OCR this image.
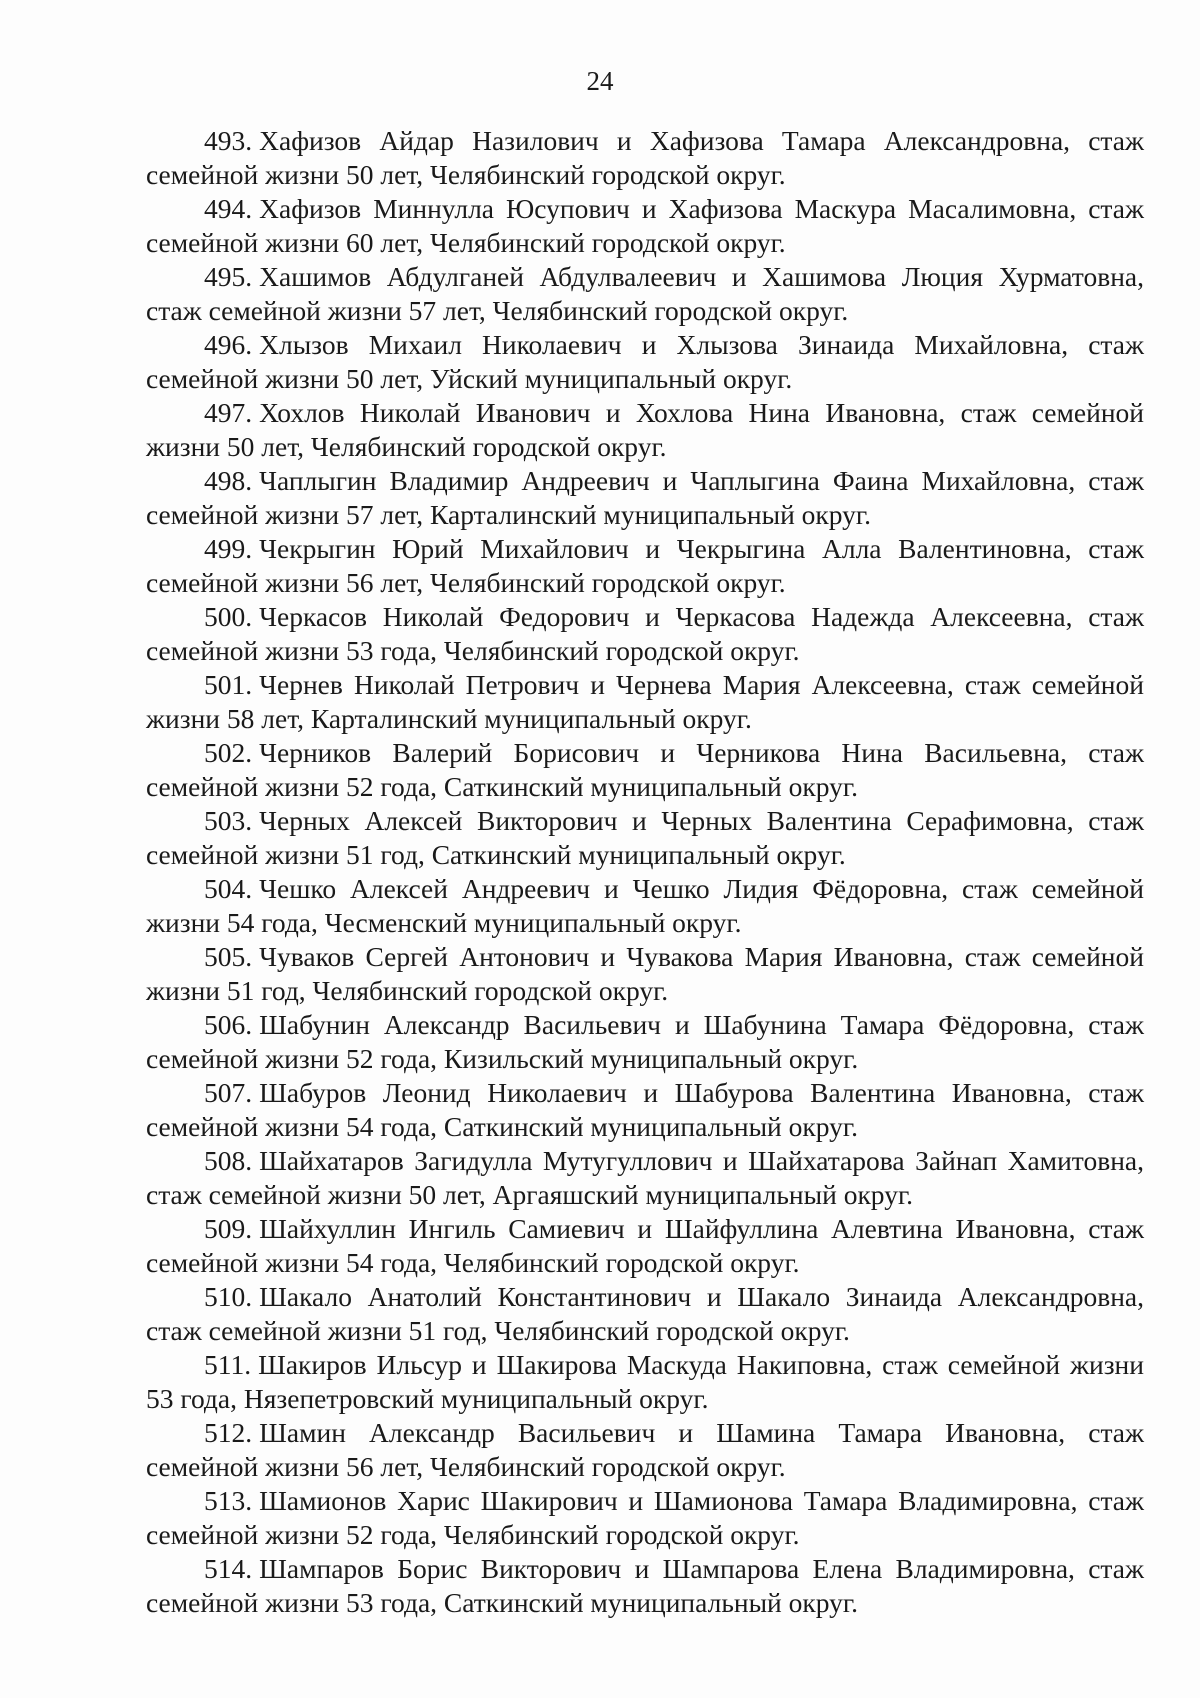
24

493. Хафизов Айдар Назилович и Хафизова Тамара Александровна, стаж семейной жизни 50 лет, Челябинский городской округ.

494. Хафизов Миннулла Юсупович и Хафизова Маскура Масалимовна, стаж семейной жизни 60 лет, Челябинский городской округ.

495. Хашимов Абдулганей Абдулвалеевич и Хашимова Люция Хурматовна, стаж семейной жизни 57 лет, Челябинский городской округ.

496. Хлызов Михаил Николаевич и Хлызова Зинаида Михайловна, стаж семейной жизни 50 лет, Уйский муниципальный округ.

497. Хохлов Николай Иванович и Хохлова Нина Ивановна, стаж семейной жизни 50 лет, Челябинский городской округ.

498. Чаплыгин Владимир Андреевич и Чаплыгина Фаина Михайловна, стаж семейной жизни 57 лет, Карталинский муниципальный округ.

499. Чекрыгин Юрий Михайлович и Чекрыгина Алла Валентиновна, стаж семейной жизни 56 лет, Челябинский городской округ.

500. Черкасов Николай Федорович и Черкасова Надежда Алексеевна, стаж семейной жизни 53 года, Челябинский городской округ.

501. Чернев Николай Петрович и Чернева Мария Алексеевна, стаж семейной жизни 58 лет, Карталинский муниципальный округ.

502. Черников Валерий Борисович и Черникова Нина Васильевна, стаж семейной жизни 52 года, Саткинский муниципальный округ.

503. Черных Алексей Викторович и Черных Валентина Серафимовна, стаж семейной жизни 51 год, Саткинский муниципальный округ.

504. Чешко Алексей Андреевич и Чешко Лидия Фёдоровна, стаж семейной жизни 54 года, Чесменский муниципальный округ.

505. Чуваков Сергей Антонович и Чувакова Мария Ивановна, стаж семейной жизни 51 год, Челябинский городской округ.

506. Шабунин Александр Васильевич и Шабунина Тамара Фёдоровна, стаж семейной жизни 52 года, Кизильский муниципальный округ.

507. Шабуров Леонид Николаевич и Шабурова Валентина Ивановна, стаж семейной жизни 54 года, Саткинский муниципальный округ.

508. Шайхатаров Загидулла Мутугуллович и Шайхатарова Зайнап Хамитовна, стаж семейной жизни 50 лет, Аргаяшский муниципальный округ.

509. Шайхуллин Ингиль Самиевич и Шайфуллина Алевтина Ивановна, стаж семейной жизни 54 года, Челябинский городской округ.

510. Шакало Анатолий Константинович и Шакало Зинаида Александровна, стаж семейной жизни 51 год, Челябинский городской округ.

511. Шакиров Ильсур и Шакирова Маскуда Накиповна, стаж семейной жизни 53 года, Нязепетровский муниципальный округ.

512. Шамин Александр Васильевич и Шамина Тамара Ивановна, стаж семейной жизни 56 лет, Челябинский городской округ.

513. Шамионов Харис Шакирович и Шамионова Тамара Владимировна, стаж семейной жизни 52 года, Челябинский городской округ.

514. Шампаров Борис Викторович и Шампарова Елена Владимировна, стаж семейной жизни 53 года, Саткинский муниципальный округ.
